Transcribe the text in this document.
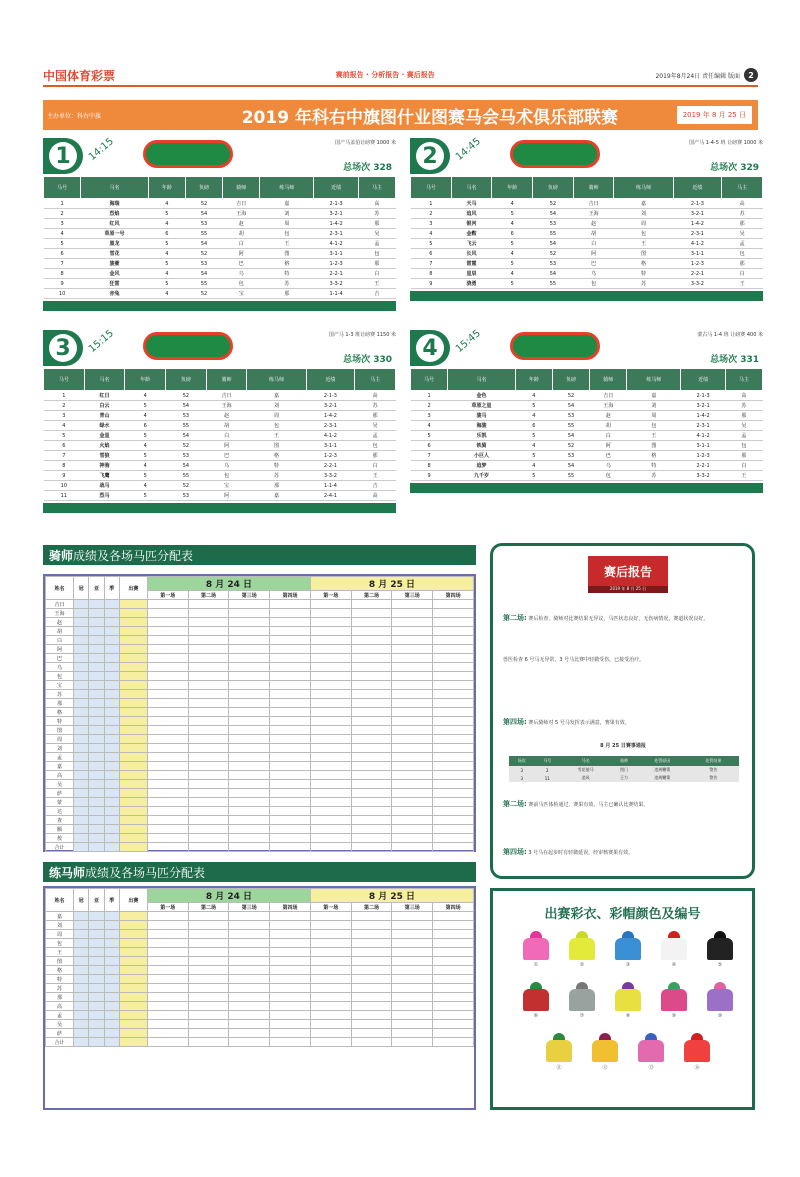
中国体育彩票	赛前报告 · 分析报告 · 赛后报告	2019年8月24日 责任编辑 版面	2
主办单位：科右中旗	2019 年科右中旗图什业图赛马会马术俱乐部联赛	2019 年 8 月 25 日
1	14:15	国产马盖伯让磅赛 1000 米
总场次 328
马号	马名	年龄	负磅	骑师	练马师	近绩	马主
1	海瑞	4	52	吉日	嘉	2-1-3	高
2	烈焰	5	54	王海	刘	3-2-1	苏
3	红风	4	53	赵	周	1-4-2	那
4	草原一号	6	55	胡	包	2-3-1	吴
5	黑龙	5	54	白	王	4-1-2	孟
6	雪花	4	52	阿	图	3-1-1	包
7	骏豪	5	53	巴	格	1-2-3	那
8	金风	4	54	乌	特	2-2-1	白
9	狂雷	5	55	包	苏	3-3-2	王
10	赤兔	4	52	宝	那	1-1-4	吉
2	14:45	国产马 1-4-5 班 让磅赛 1000 米
总场次 329
马号	马名	年龄	负磅	骑师	练马师	近绩	马主
1	天马	4	52	吉日	嘉	2-1-3	高
2	追风	5	54	王海	刘	3-2-1	苏
3	银河	4	53	赵	周	1-4-2	那
4	金鞍	6	55	胡	包	2-3-1	吴
5	飞云	5	54	白	王	4-1-2	孟
6	长风	4	52	阿	图	3-1-1	包
7	雷霆	5	53	巴	格	1-2-3	那
8	星辰	4	54	乌	特	2-2-1	白
9	骁勇	5	55	包	苏	3-3-2	王
3	15:15	国产马 1-3 班让磅赛 1150 米
总场次 330
马号	马名	年龄	负磅	骑师	练马师	近绩	马主
1	红日	4	52	吉日	嘉	2-1-3	高
2	白云	5	54	王海	刘	3-2-1	苏
3	青山	4	53	赵	周	1-4-2	那
4	绿水	6	55	胡	包	2-3-1	吴
5	金星	5	54	白	王	4-1-2	孟
6	火焰	4	52	阿	图	3-1-1	包
7	雪狼	5	53	巴	格	1-2-3	那
8	神驹	4	54	乌	特	2-2-1	白
9	飞鹰	5	55	包	苏	3-3-2	王
10	战马	4	52	宝	那	1-1-4	吉
11	烈马	5	53	阿	嘉	2-4-1	高
4	15:45	蒙古马 1-4 班 让磅赛 400 米
总场次 331
马号	马名	年龄	负磅	骑师	练马师	近绩	马主
1	金色	4	52	吉日	嘉	2-1-3	高
2	草原之星	5	54	王海	刘	3-2-1	苏
3	骏马	4	53	赵	周	1-4-2	那
4	海骏	6	55	胡	包	2-3-1	吴
5	乐凯	5	54	白	王	4-1-2	孟
6	铁骑	4	52	阿	图	3-1-1	包
7	小巨人	5	53	巴	格	1-2-3	那
8	追梦	4	54	乌	特	2-2-1	白
9	九千岁	5	55	包	苏	3-3-2	王
骑师 成绩及各场马匹分配表
姓名	冠	亚	季	出赛	8 月 24 日				8 月 25 日			
					第一场	第二场	第三场	第四场	第一场	第二场	第三场	第四场
吉日												
王海												
赵												
胡												
白												
阿												
巴												
乌												
包												
宝												
苏												
那												
格												
特												
图												
周												
刘												
孟												
嘉												
高												
吴												
萨												
蒙												
达												
查												
额												
敖												
合计												
练马师 成绩及各场马匹分配表
姓名	冠	亚	季	出赛	8 月 24 日				8 月 25 日			
					第一场	第二场	第三场	第四场	第一场	第二场	第三场	第四场
嘉												
刘												
周												
包												
王												
图												
格												
特												
苏												
那												
高												
孟												
吴												
萨												
合计												
赛后报告
2019 年 8 月 25 日
第二场: 赛后检查，骑师对比赛结果无异议，马匹状态良好，无伤病情况，赛道状况良好。
兽医检查 6 号马无异常，3 号马比赛中轻微受伤，已接受治疗。
第四场: 赛后骑师对 5 号马发挥表示满意，赛果有效。
8 月 25 日赛事通报
场次	马号	马名	骑师	处罚原因	处罚结果
3	2	雪花骏马	图门	违规鞭策	警告
3	11	追风	王力	违规鞭策	警告
第二场: 赛前马匹体检通过，赛果有效，马主已确认比赛结果。
第四场: 3 号马在起步时有轻微延误，经审核赛果有效。
出赛彩衣、彩帽颜色及编号
①	②	③	④	⑤
⑥	⑦	⑧	⑨	⑩
⑪	⑫	⑬	⑭
